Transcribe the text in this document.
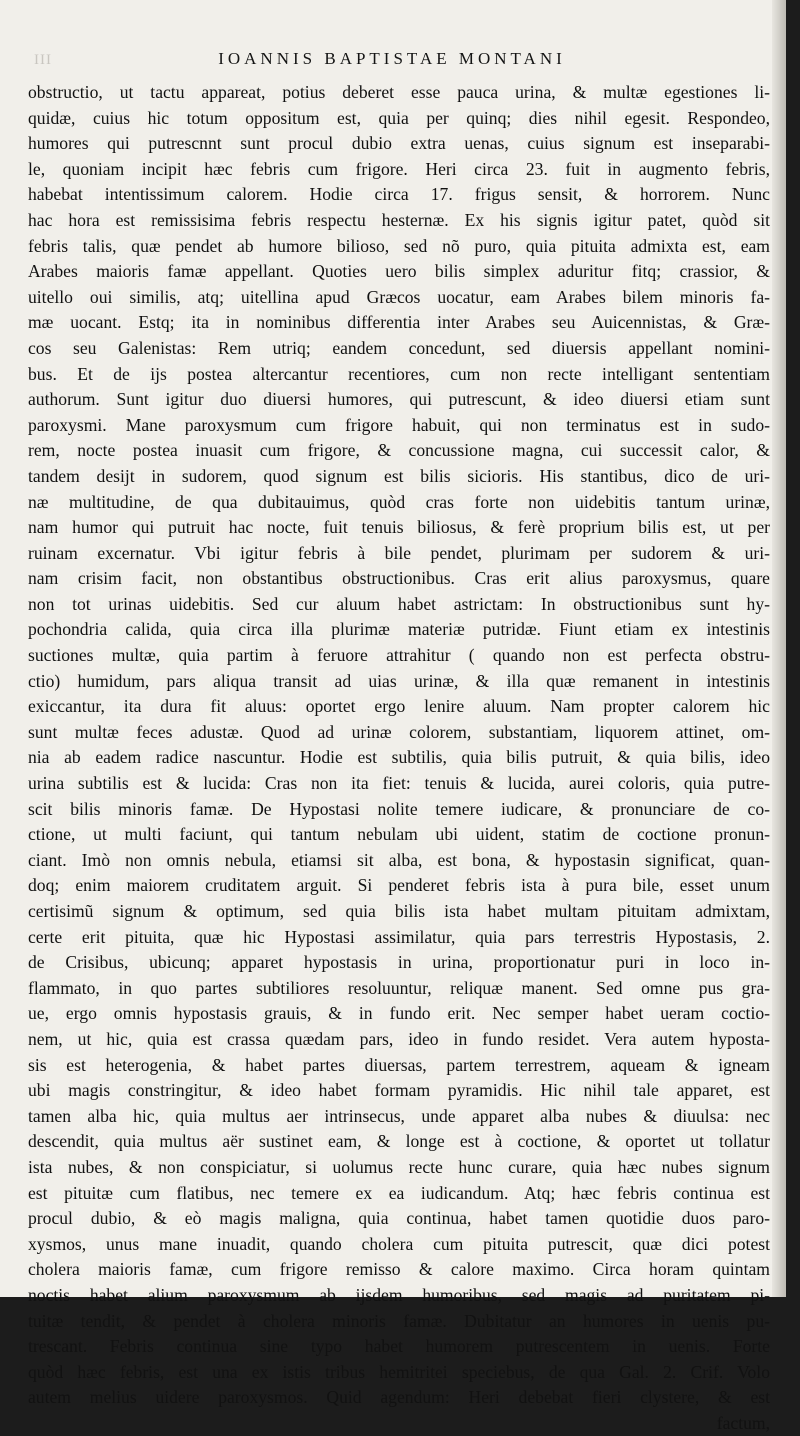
III	IOANNIS BAPTISTAE MONTANI
obstructio, ut tactu appareat, potius deberet esse pauca urina, & multæ egestiones li-
quidæ, cuius hic totum oppositum est, quia per quinq; dies nihil egesit. Respondeo,
humores qui putrescnnt sunt procul dubio extra uenas, cuius signum est inseparabi-
le, quoniam incipit hæc febris cum frigore. Heri circa 23. fuit in augmento febris,
habebat intentissimum calorem. Hodie circa 17. frigus sensit, & horrorem. Nunc
hac hora est remissisima febris respectu hesternæ. Ex his signis igitur patet, quòd sit
febris talis, quæ pendet ab humore bilioso, sed nõ puro, quia pituita admixta est, eam
Arabes maioris famæ appellant. Quoties uero bilis simplex aduritur fitq; crassior, &
uitello oui similis, atq; uitellina apud Græcos uocatur, eam Arabes bilem minoris fa-
mæ uocant. Estq; ita in nominibus differentia inter Arabes seu Auicennistas, & Græ-
cos seu Galenistas: Rem utriq; eandem concedunt, sed diuersis appellant nomini-
bus. Et de ijs postea altercantur recentiores, cum non recte intelligant sententiam
authorum. Sunt igitur duo diuersi humores, qui putrescunt, & ideo diuersi etiam sunt
paroxysmi. Mane paroxysmum cum frigore habuit, qui non terminatus est in sudo-
rem, nocte postea inuasit cum frigore, & concussione magna, cui successit calor, &
tandem desijt in sudorem, quod signum est bilis sicioris. His stantibus, dico de uri-
næ multitudine, de qua dubitauimus, quòd cras forte non uidebitis tantum urinæ,
nam humor qui putruit hac nocte, fuit tenuis biliosus, & ferè proprium bilis est, ut per
ruinam excernatur. Vbi igitur febris à bile pendet, plurimam per sudorem & uri-
nam crisim facit, non obstantibus obstructionibus. Cras erit alius paroxysmus, quare
non tot urinas uidebitis. Sed cur aluum habet astrictam: In obstructionibus sunt hy-
pochondria calida, quia circa illa plurimæ materiæ putridæ. Fiunt etiam ex intestinis
suctiones multæ, quia partim à feruore attrahitur ( quando non est perfecta obstru-
ctio) humidum, pars aliqua transit ad uias urinæ, & illa quæ remanent in intestinis
exiccantur, ita dura fit aluus: oportet ergo lenire aluum. Nam propter calorem hic
sunt multæ feces adustæ. Quod ad urinæ colorem, substantiam, liquorem attinet, om-
nia ab eadem radice nascuntur. Hodie est subtilis, quia bilis putruit, & quia bilis, ideo
urina subtilis est & lucida: Cras non ita fiet: tenuis & lucida, aurei coloris, quia putre-
scit bilis minoris famæ. De Hypostasi nolite temere iudicare, & pronunciare de co-
ctione, ut multi faciunt, qui tantum nebulam ubi uident, statim de coctione pronun-
ciant. Imò non omnis nebula, etiamsi sit alba, est bona, & hypostasin significat, quan-
doq; enim maiorem cruditatem arguit. Si penderet febris ista à pura bile, esset unum
certisimũ signum & optimum, sed quia bilis ista habet multam pituitam admixtam,
certe erit pituita, quæ hic Hypostasi assimilatur, quia pars terrestris Hypostasis, 2.
de Crisibus, ubicunq; apparet hypostasis in urina, proportionatur puri in loco in-
flammato, in quo partes subtiliores resoluuntur, reliquæ manent. Sed omne pus gra-
ue, ergo omnis hypostasis grauis, & in fundo erit. Nec semper habet ueram coctio-
nem, ut hic, quia est crassa quædam pars, ideo in fundo residet. Vera autem hyposta-
sis est heterogenia, & habet partes diuersas, partem terrestrem, aqueam & igneam
ubi magis constringitur, & ideo habet formam pyramidis. Hic nihil tale apparet, est
tamen alba hic, quia multus aer intrinsecus, unde apparet alba nubes & diuulsa: nec
descendit, quia multus aër sustinet eam, & longe est à coctione, & oportet ut tollatur
ista nubes, & non conspiciatur, si uolumus recte hunc curare, quia hæc nubes signum
est pituitæ cum flatibus, nec temere ex ea iudicandum. Atq; hæc febris continua est
procul dubio, & eò magis maligna, quia continua, habet tamen quotidie duos paro-
xysmos, unus mane inuadit, quando cholera cum pituita putrescit, quæ dici potest
cholera maioris famæ, cum frigore remisso & calore maximo. Circa horam quintam
noctis habet alium paroxysmum ab ijsdem humoribus, sed magis ad puritatem pi-
tuitæ tendit, & pendet à cholera minoris famæ. Dubitatur an humores in uenis pu-
trescant. Febris continua sine typo habet humorem putrescentem in uenis. Forte
quòd hæc febris, est una ex istis tribus hemitritei speciebus, de qua Gal. 2. Crif. Volo
autem melius uidere paroxysmos. Quid agendum: Heri debebat fieri clystere, & est
factum,
